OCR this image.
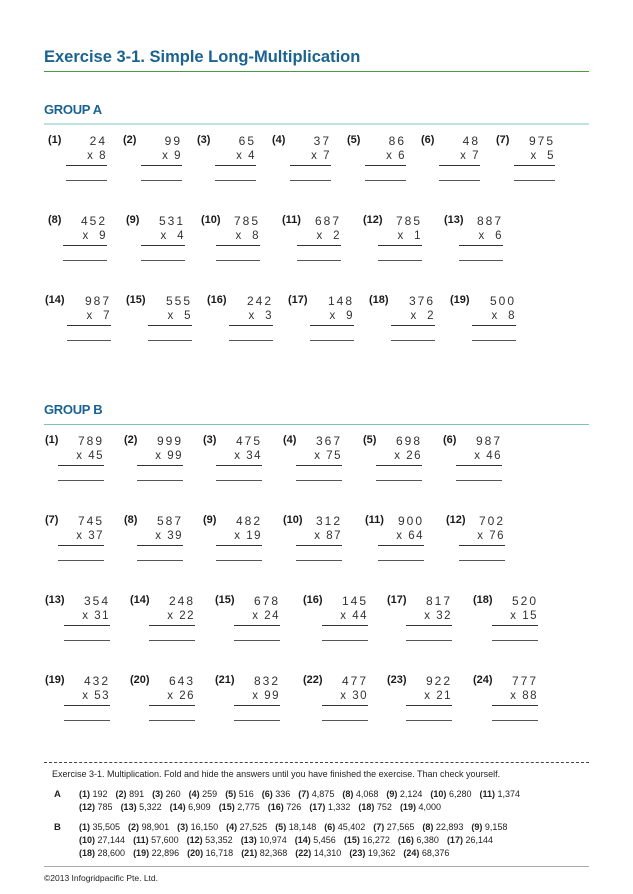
Exercise 3-1. Simple Long-Multiplication
GROUP A
(1) 24
x 8
(2) 99
x 9
(3) 65
x 4
(4) 37
x 7
(5) 86
x 6
(6) 48
x 7
(7) 975
x  5
(8) 452
x  9
(9) 531
x  4
(10) 785
x  8
(11) 687
x  2
(12) 785
x  1
(13) 887
x  6
(14) 987
x  7
(15) 555
x  5
(16) 242
x  3
(17) 148
x  9
(18) 376
x  2
(19) 500
x  8
GROUP B
(1) 789
x 45
(2) 999
x 99
(3) 475
x 34
(4) 367
x 75
(5) 698
x 26
(6) 987
x 46
(7) 745
x 37
(8) 587
x 39
(9) 482
x 19
(10) 312
x 87
(11) 900
x 64
(12) 702
x 76
(13) 354
x 31
(14) 248
x 22
(15) 678
x 24
(16) 145
x 44
(17) 817
x 32
(18) 520
x 15
(19) 432
x 53
(20) 643
x 26
(21) 832
x 99
(22) 477
x 30
(23) 922
x 21
(24) 777
x 88
Exercise 3-1. Multiplication. Fold and hide the answers until you have finished the exercise. Than check yourself.
A (1) 192 (2) 891 (3) 260 (4) 259 (5) 516 (6) 336 (7) 4,875 (8) 4,068 (9) 2,124 (10) 6,280 (11) 1,374
(12) 785 (13) 5,322 (14) 6,909 (15) 2,775 (16) 726 (17) 1,332 (18) 752 (19) 4,000
B (1) 35,505 (2) 98,901 (3) 16,150 (4) 27,525 (5) 18,148 (6) 45,402 (7) 27,565 (8) 22,893 (9) 9,158
(10) 27,144 (11) 57,600 (12) 53,352 (13) 10,974 (14) 5,456 (15) 16,272 (16) 6,380 (17) 26,144
(18) 28,600 (19) 22,896 (20) 16,718 (21) 82,368 (22) 14,310 (23) 19,362 (24) 68,376
©2013 Infogridpacific Pte. Ltd.
